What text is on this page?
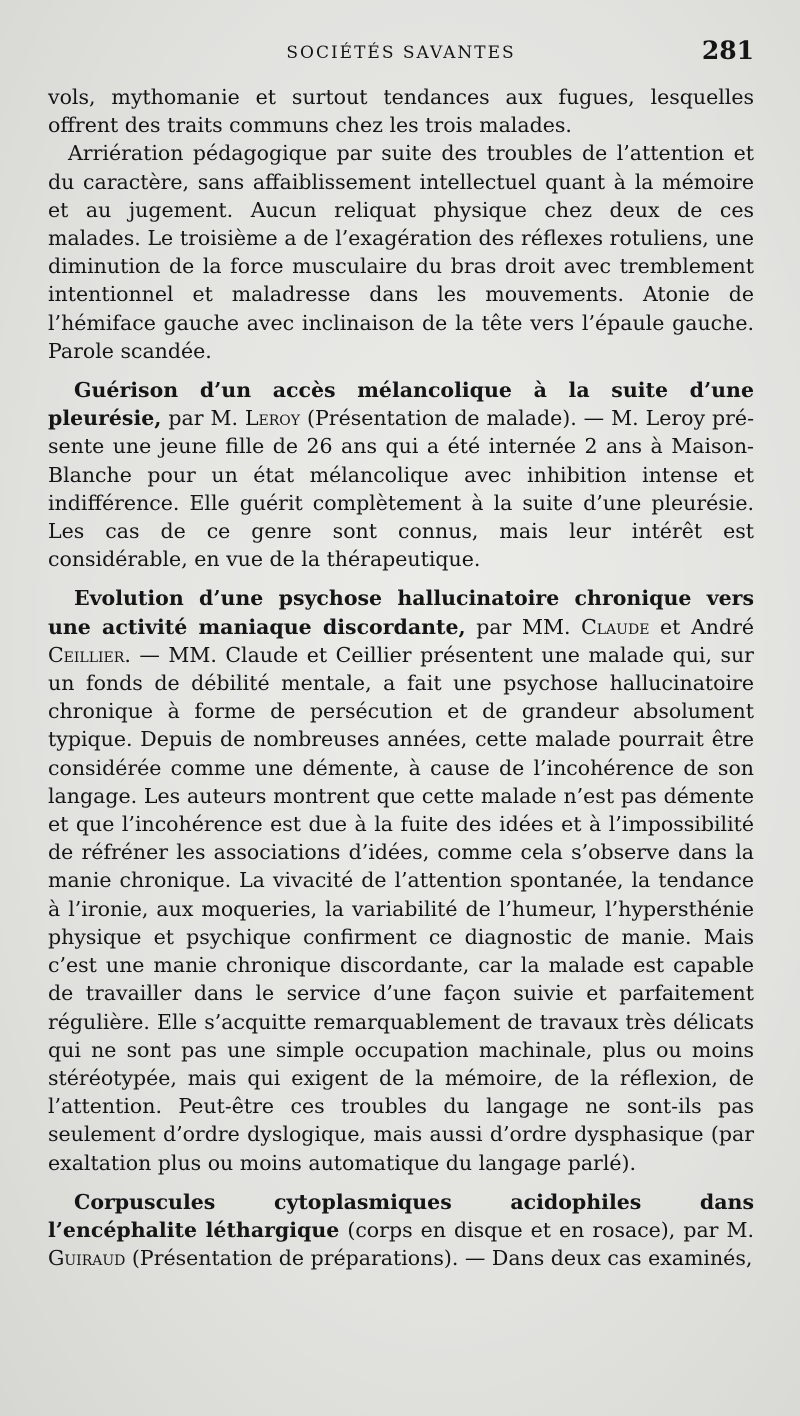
SOCIÉTÉS SAVANTES	281

vols, mythomanie et surtout tendances aux fugues, lesquelles offrent des traits communs chez les trois malades.

Arriération pédagogique par suite des troubles de l’attention et du caractère, sans affaiblissement intellectuel quant à la mémoire et au jugement. Aucun reliquat physique chez deux de ces malades. Le troisième a de l’exagération des réflexes rotuliens, une diminution de la force musculaire du bras droit avec tremblement intentionnel et maladresse dans les mouvements. Atonie de l’hémiface gauche avec inclinaison de la tête vers l’épaule gauche. Parole scandée.

Guérison d’un accès mélancolique à la suite d’une pleurésie, par M. Leroy (Présentation de malade). — M. Leroy présente une jeune fille de 26 ans qui a été internée 2 ans à Maison-Blanche pour un état mélancolique avec inhibition intense et indifférence. Elle guérit complètement à la suite d’une pleurésie. Les cas de ce genre sont connus, mais leur intérêt est considérable, en vue de la thérapeutique.

Evolution d’une psychose hallucinatoire chronique vers une activité maniaque discordante, par MM. Claude et André Ceillier. — MM. Claude et Ceillier présentent une malade qui, sur un fonds de débilité mentale, a fait une psychose hallucinatoire chronique à forme de persécution et de grandeur absolument typique. Depuis de nombreuses années, cette malade pourrait être considérée comme une démente, à cause de l’incohérence de son langage. Les auteurs montrent que cette malade n’est pas démente et que l’incohérence est due à la fuite des idées et à l’impossibilité de réfréner les associations d’idées, comme cela s’observe dans la manie chronique. La vivacité de l’attention spontanée, la tendance à l’ironie, aux moqueries, la variabilité de l’humeur, l’hypersthénie physique et psychique confirment ce diagnostic de manie. Mais c’est une manie chronique discordante, car la malade est capable de travailler dans le service d’une façon suivie et parfaitement régulière. Elle s’acquitte remarquablement de travaux très délicats qui ne sont pas une simple occupation machinale, plus ou moins stéréotypée, mais qui exigent de la mémoire, de la réflexion, de l’attention. Peut-être ces troubles du langage ne sont-ils pas seulement d’ordre dyslogique, mais aussi d’ordre dysphasique (par exaltation plus ou moins automatique du langage parlé).

Corpuscules cytoplasmiques acidophiles dans l’encéphalite léthargique (corps en disque et en rosace), par M. Guiraud (Présentation de préparations). — Dans deux cas examinés,
